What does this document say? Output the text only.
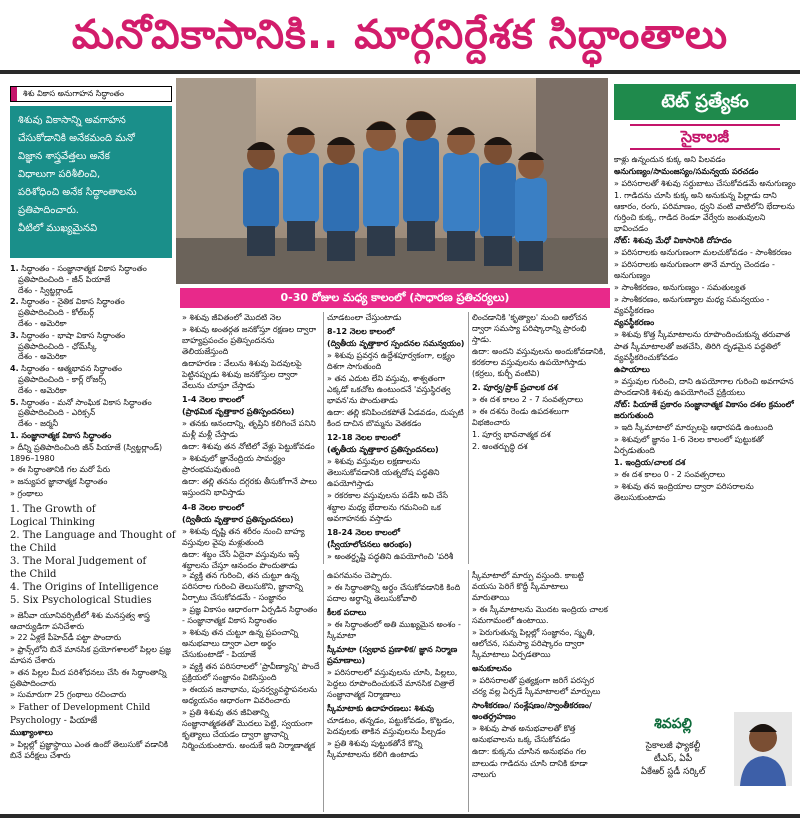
మనోవికాసానికి.. మార్గనిర్దేశక సిద్ధాంతాలు
శిశు వికాస అనుగాహన సిద్ధాంతం

శిశువు వికాసాన్ని అవగాహన

చేసుకోడానికి అనేకమంది మనో

విజ్ఞాన శాస్త్రవేత్తలు అనేక

విధాలుగా పరిశీలించి,

పరిశోధించి అనేక సిద్ధాంతాలను

ప్రతిపాదించారు.

వీటిలో ముఖ్యమైనవి

1. సిద్ధాంతం - సంజ్ఞానాత్మక వికాస సిద్ధాంతం
ప్రతిపాదించింది - జీన్ పియాజే
దేశం - స్విట్జర్లాండ్
2. సిద్ధాంతం - నైతిక వికాస సిద్ధాంతం
ప్రతిపాదించింది - కోల్‌బర్గ్
దేశం - అమెరికా
3. సిద్ధాంతం - భాషా వికాస సిద్ధాంతం
ప్రతిపాదించింది - ఛోమ్‌స్కీ
దేశం - అమెరికా
4. సిద్ధాంతం - ఆత్మభావన సిద్ధాంతం
ప్రతిపాదించింది - కార్ల్ రోజర్స్
దేశం - అమెరికా
5. సిద్ధాంతం - మనో సాంఘిక వికాస సిద్ధాంతం
ప్రతిపాదించింది - ఎరిక్సన్
దేశం - జర్మనీ
1. సంజ్ఞానాత్మక వికాస సిద్ధాంతం
» దీన్ని ప్రతిపాదించింది జీన్ పియాజే (స్విట్జర్లాండ్) 1896–1980
» ఈ సిద్ధాంతానికి గల మరో పేరు
» జన్యుపర జ్ఞానాత్మక సిద్ధాంతం
» గ్రంథాలు
1. The Growth of
Logical Thinking
2. The Language and Thought of
the Child
3. The Moral Judgement of
the Child
4. The Origins of Intelligence
5. Six Psychological Studies
» జెనీవా యూనివర్సిటీలో శిశు మనస్తత్వ శాస్త్ర ఆచార్యుడిగా పనిచేశారు
» 22 ఏళ్లకే పీహెచ్‌డీ పట్టా పొందారు
» ఫ్రాన్స్‌లోని బినే మానసిక ప్రయోగశాలలో పిల్లల ప్రజ్ఞ మాపన చేశారు
» తన పిల్లల మీద పరిశోధనలు చేసి ఈ సిద్ధాంతాన్ని ప్రతిపాదించారు
» సుమారుగా 25 గ్రంథాలు రచించారు
» Father of Development Child
Psychology - పియాజే
ముఖ్యాంశాలు
» పిల్లల్లో ప్రజ్ఞాస్థాయి ఎంత ఉందో తెలుసుకో వడానికి బినే పరీక్షలు చేశారు
0-30 రోజుల మధ్య కాలంలో (సాధారణ ప్రతిచర్యలు)

» శిశువు జీవితంలో మొదటి నెల

» శిశువు అంతర్గత జనకోస్తూ రక్షణల ద్వారా బాహ్యప్రపంచం ప్రతిస్పందనను తెలియజేస్తుంది

ఉదాహరణ : వేలును శిశువు పెదవులపై పెట్టినప్పుడు శిశువు జనకోస్తుల ద్వారా వేలును చూస్తూ చేస్తాడు

1-4 నెలల కాలంలో

(ప్రాథమిక వృత్తాకార ప్రతిస్పందనలు)

» తనకు ఆనందాన్ని, తృప్తిని కలిగించే పనిని మళ్లీ మళ్లీ చేస్తాడు

ఉదా: శిశువు తన నోటిలో వేళ్లు పెట్టుకోవడం

» శిశువులో జ్ఞానేంద్రియ సామర్థ్యం ప్రారంభమవుతుంది

ఉదా: తల్లి తనను దగ్గరకు తీసుకోగానే పాలు ఇస్తుందని భావిస్తాడు

4-8 నెలల కాలంలో

(ద్వితీయ వృత్తాకార ప్రతిస్పందనలు)

» శిశువు దృష్టి తన శరీరం నుంచి బాహ్య వస్తువుల వైపు మళ్లుతుంది

ఉదా: శబ్దం చేసే ఏదైనా వస్తువును ఇస్తే శబ్దాలను చేస్తూ ఆనందం పొందుతాడు

చూడటంలా చేస్తుంటాడు

8-12 నెలల కాలంలో

(ద్వితీయ వృత్తాకార స్పందనల సమన్వయం)

» శిశువు ప్రవర్తన ఉద్దేశపూర్వకంగా, లక్ష్యం దిశగా సాగుతుంది

» తన ఎదుట లేని వస్తువు, శాశ్వతంగా ఎక్కడో ఒకచోట ఉంటుందనే 'వస్తుస్థిరత్వ భావన'ను పొందుతాడు

ఉదా: తల్లి కనిపించకపోతే ఏడవడం, దుప్పటి కింద దాచిన బొమ్మను వెతకడం

12-18 నెలల కాలంలో

(తృతీయ వృత్తాకార ప్రతిస్పందనలు)

» శిశువు వస్తువుల లక్షణాలను తెలుసుకోవడానికి యత్నదోష పద్ధతిని ఉపయోగిస్తాడు

» రకరకాల వస్తువులను పడేసి అవి చేసే శబ్దాల మధ్య భేదాలను గమనించి ఒక అవగాహనకు వస్తాడు

18-24 నెలల కాలంలో

(స్వీయాలోచనలు ఆరంభం)

» అంతర్దృష్టి పద్ధతిని ఉపయోగించి 'పరిశీ

లించడానికి 'కృత్యాల' నుంచి ఆలోచన ద్వారా సమస్యా పరిష్కారాన్ని ప్రారంభి స్తాడు.

ఉదా: అందని వస్తువులను అందుకోవడానికి, కరకరాల వస్తువులను ఉపయోగిస్తాడు (కర్రలు, కుర్చీ వంటివి)

2. పూర్వ/ప్రాక్ ప్రచాలక దశ

» ఈ దశ కాలం 2 - 7 సంవత్సరాలు

» ఈ దశను రెండు ఉపదశలుగా విభజించారు

1. పూర్వ భావనాత్మక దశ

2. అంతర్బుద్ధి దశ

» వ్యక్తి తన గురించి, తన చుట్టూ ఉన్న పరిసరాల గురించి తెలుసుకొని, జ్ఞానాన్ని ఏర్పాటు చేసుకోవడమే - సంజ్ఞానం

» ప్రజ్ఞ వికాసం ఆధారంగా ఏర్పడిన సిద్ధాంతం - సంజ్ఞానాత్మక వికాస సిద్ధాంతం

» శిశువు తన చుట్టూ ఉన్న ప్రపంచాన్ని అనుభవాలు ద్వారా ఎలా అర్థం చేసుకుంటాడో - పియాజే

» వ్యక్తి తన పరిసరాలలో 'ప్రావీణ్యాన్ని' పొందే ప్రక్రియలో సంజ్ఞానం వికసిస్తుంది

» ఈయన జనాభాను, పునర్వ్యవస్థాపనలను అధ్యయనం ఆధారంగా వివరించారు

» ప్రతి శిశువు తన జీవితాన్ని సంజ్ఞానాత్మకతతో మొదలు పెట్టి, స్వయంగా కృత్యాలు చేయడం ద్వారా జ్ఞానాన్ని నిర్మించుకుంటారు. అందుకే ఇది నిర్మాణాత్మక

ఉపగమనం చెప్పారు.

» ఈ సిద్ధాంతాన్ని అర్థం చేసుకోవడానికి కింది పదాల అర్థాన్ని తెలుసుకోవాలి

కీలక పదాలు

» ఈ సిద్ధాంతంలో అతి ముఖ్యమైన అంశం - స్కీమాటా

స్కీమాటా (స్వభావ ప్రణాళిక/ జ్ఞాన నిర్మాణ ప్రమాణాలు)

» పరిసరాలలో వస్తువులను చూసి, పిల్లలు, పెద్దలు రూపొందించుకునే మానసిక చిత్రాలే సంజ్ఞానాత్మక నిర్మాణాలు

స్కీమాటాకు ఉదాహరణలు: శిశువు

చూడటం, తన్నడం, పట్టుకోవడం, కొట్టడం, పెదవులకు తాకిన వస్తువులను పీల్చడం

» ప్రతి శిశువు పుట్టుకతోనే కొన్ని స్కీమాటాలను కలిగి ఉంటాడు

స్కీమాటాలో మార్పు వస్తుంది. కాబట్టి వయసు పెరిగే కొద్దీ స్కీమాటాలు మారుతాయి

» ఈ స్కీమాటాలను మొదట ఇంద్రియ చాలక సమగామంలో ఉంటాయి.

» పెరుగుతున్న పిల్లల్లో సంజ్ఞానం, స్మృతి, ఆలోచన, సమస్యా పరిష్కారం ద్వారా స్కీమాటాలు ఏర్పడతాయి

అనుకూలనం

» పరిసరాలతో ప్రత్యక్షంగా జరిగే పరస్పర చర్య వల్ల ఏర్పడే స్కీమాటాలలో మార్పులు

సాంశీకరణం/ సంశ్లేషణం/స్వాంతీకరణం/ అంతర్గ్రహణం

» శిశువు పాత అనుభవాలతో కొత్త అనుభవాలను ఒక్క చేసుకోవడం

ఉదా: కుక్కను చూసిన అనుభవం గల బాలుడు గాడిదను చూసి దానికి కూడా నాలుగు

టెట్ ప్రత్యేకం
సైకాలజీ

కాళ్లు ఉన్నందున కుక్క అని పిలవడం

అనుగుణ్యం/సామంజస్యం/సమన్వయ పరచడం

» పరిసరాలతో శిశువు సర్దుబాటు చేసుకోవడమే అనుగుణ్యం

1. గాడిదను చూసి కుక్క అని అనుకున్న పిల్లాడు దాని ఆకారం, రంగు, పరిమాణం, ధ్వని వంటి వాటిలోని భేదాలను గుర్తించి కుక్క, గాడిద రెండూ వేర్వేరు జంతువులని భావించడం

నోట్: శిశువు మేధో వికాసానికి దోహదం

» పరిసరాలకు అనుగుణంగా మలచుకోవడం - సాంశీకరణం

» పరిసరాలకు అనుగుణంగా తానే మార్పు చెందడం - అనుగుణ్యం

» సాంశీకరణం, అనుగుణ్యం - సమతుల్యత

» సాంశీకరణం, అనుగుణ్యాల మధ్య సమన్వయం - వ్యవస్థీకరణం

వ్యవస్థీకరణం

» శిశువు కొత్త స్కీమాటాలను రూపొందించుకున్న తరువాత పాత స్కీమాటాలతో జతచేసి, తిరిగి దృఢమైన పద్ధతిలో వ్యవస్థీకరించుకోవడం

ఉపాయాలు

» వస్తువుల గురించి, దాని ఉపయోగాల గురించి అవగాహన పొందడానికి శిశువు ఉపయోగించే ప్రక్రియలు

నోట్: పియాజే ప్రకారం సంజ్ఞానాత్మక వికాసం దశల క్రమంలో జరుగుతుంది

» ఇది స్కీమాటాలో మార్పులపై ఆధారపడి ఉంటుంది

» శిశువులో జ్ఞానం 1-6 నెలల కాలంలో పుట్టుకతో ఏర్పడుతుంది

1. ఇంద్రియ/చాలక దశ

» ఈ దశ కాలం 0 - 2 సంవత్సరాలు

» శిశువు తన ఇంద్రియాల ద్వారా పరిసరాలను తెలుసుకుంటాడు

శివపల్లి
సైకాలజీ ఫ్యాకల్టీ
టీఎస్, ఏపీ
ఏకేఆర్ స్టడీ సర్కిల్
